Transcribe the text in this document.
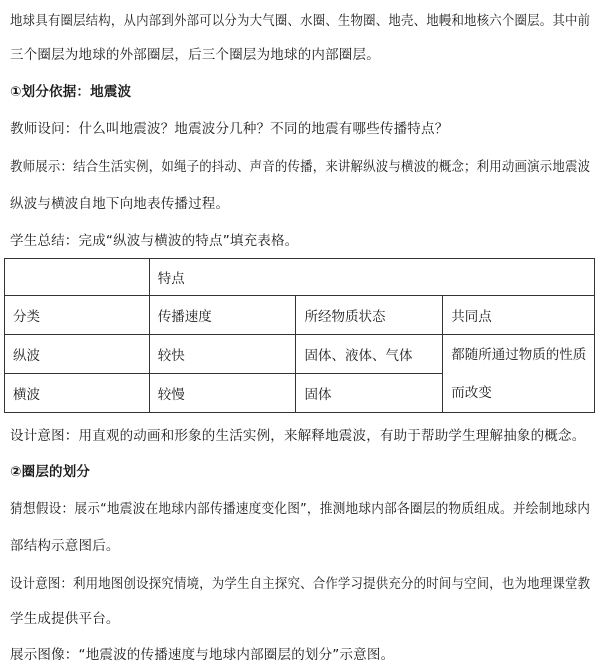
地球具有圈层结构，从内部到外部可以分为大气圈、水圈、生物圈、地壳、地幔和地核六个圈层。其中前
三个圈层为地球的外部圈层，后三个圈层为地球的内部圈层。
①划分依据：地震波
教师设问：什么叫地震波？地震波分几种？不同的地震有哪些传播特点？
教师展示：结合生活实例，如绳子的抖动、声音的传播，来讲解纵波与横波的概念；利用动画演示地震波
纵波与横波自地下向地表传播过程。
学生总结：完成“纵波与横波的特点”填充表格。
	特点		
分类	传播速度	所经物质状态	共同点
纵波	较快	固体、液体、气体	都随所通过物质的性质
而改变

横波	较慢	固体	
设计意图：用直观的动画和形象的生活实例，来解释地震波，有助于帮助学生理解抽象的概念。
②圈层的划分
猜想假设：展示“地震波在地球内部传播速度变化图”，推测地球内部各圈层的物质组成。并绘制地球内
部结构示意图后。
设计意图：利用地图创设探究情境，为学生自主探究、合作学习提供充分的时间与空间，也为地理课堂教
学生成提供平台。
展示图像：“地震波的传播速度与地球内部圈层的划分”示意图。
